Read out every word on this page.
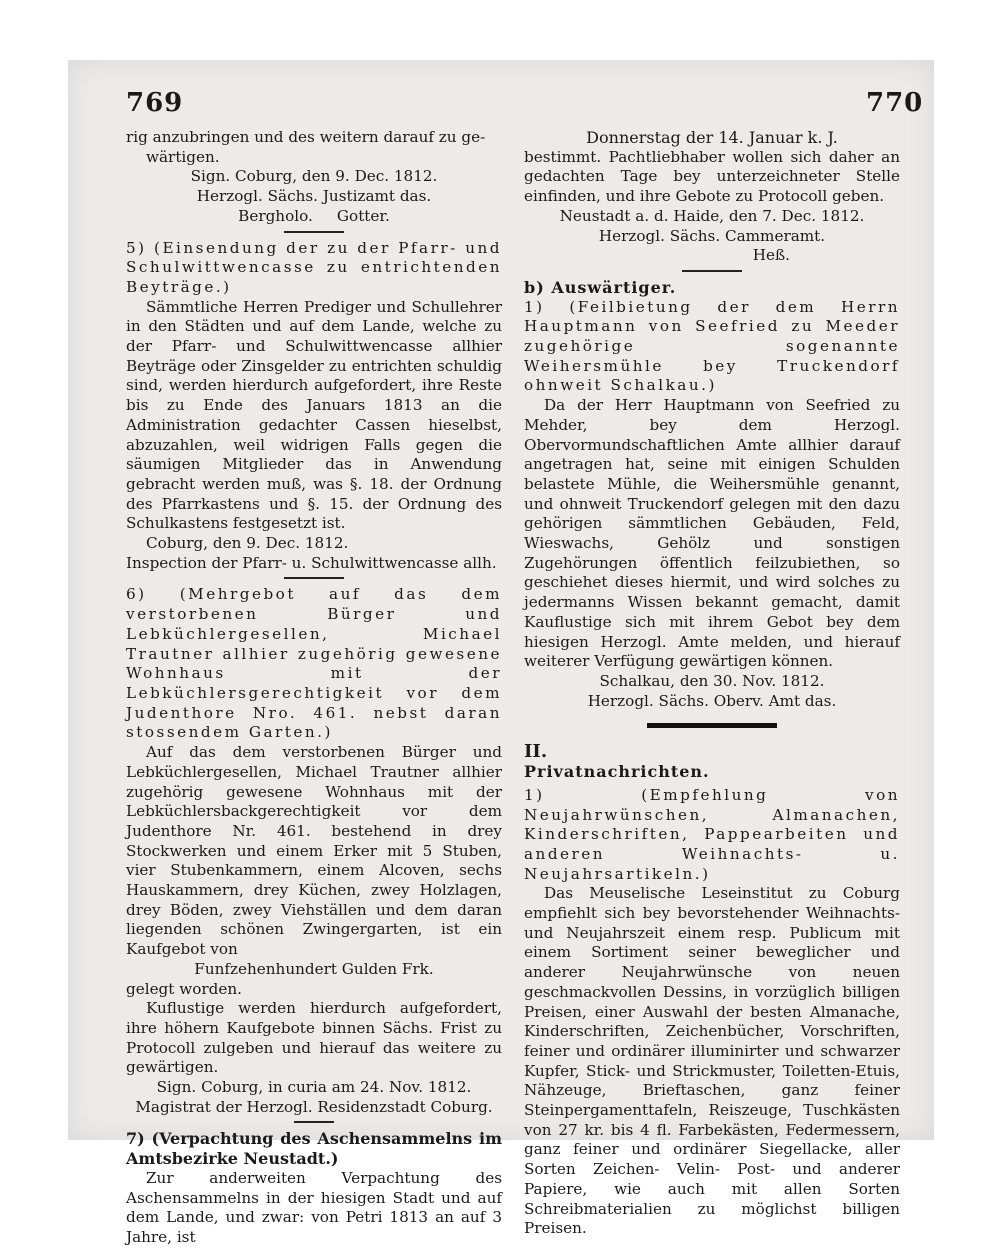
769	770

rig anzubringen und des weitern darauf zu ge-
wärtigen.

Sign. Coburg, den 9. Dec. 1812.

Herzogl. Sächs. Justizamt das.

Bergholo.     Gotter.

5) (Einsendung der zu der Pfarr- und Schulwittwencasse zu entrichtenden Beyträge.)

Sämmtliche Herren Prediger und Schullehrer in den Städten und auf dem Lande, welche zu der Pfarr- und Schulwittwencasse allhier Beyträge oder Zinsgelder zu entrichten schuldig sind, werden hierdurch aufgefordert, ihre Reste bis zu Ende des Januars 1813 an die Administration gedachter Cassen hieselbst, abzuzahlen, weil widrigen Falls gegen die säumigen Mitglieder das in Anwendung gebracht werden muß, was §. 18. der Ordnung des Pfarrkastens und §. 15. der Ordnung des Schulkastens festgesetzt ist.

Coburg, den 9. Dec. 1812.

Inspection der Pfarr- u. Schulwittwencasse allh.

6) (Mehrgebot auf das dem verstorbenen Bürger und Lebküchlergesellen, Michael Trautner allhier zugehörig gewesene Wohnhaus mit der Lebküchlersgerechtigkeit vor dem Judenthore Nro. 461. nebst daran stossendem Garten.)

Auf das dem verstorbenen Bürger und Lebküchlergesellen, Michael Trautner allhier zugehörig gewesene Wohnhaus mit der Lebküchlersbackgerechtigkeit vor dem Judenthore Nr. 461. bestehend in drey Stockwerken und einem Erker mit 5 Stuben, vier Stubenkammern, einem Alcoven, sechs Hauskammern, drey Küchen, zwey Holzlagen, drey Böden, zwey Viehställen und dem daran liegenden schönen Zwingergarten, ist ein Kaufgebot von

Funfzehenhundert Gulden Frk.

gelegt worden.

Kuflustige werden hierdurch aufgefordert, ihre höhern Kaufgebote binnen Sächs. Frist zu Protocoll zulgeben und hierauf das weitere zu gewärtigen.

Sign. Coburg, in curia am 24. Nov. 1812.

Magistrat der Herzogl. Residenzstadt Coburg.

7) (Verpachtung des Aschensammelns im Amtsbezirke Neustadt.)

Zur anderweiten Verpachtung des Aschensammelns in der hiesigen Stadt und auf dem Lande, und zwar: von Petri 1813 an auf 3 Jahre, ist

Donnerstag der 14. Januar k. J.

bestimmt. Pachtliebhaber wollen sich daher an gedachten Tage bey unterzeichneter Stelle einfinden, und ihre Gebote zu Protocoll geben.

Neustadt a. d. Haide, den 7. Dec. 1812.

Herzogl. Sächs. Cammeramt.

Heß.

b) Auswärtiger.

1) (Feilbietung der dem Herrn Hauptmann von Seefried zu Meeder zugehörige sogenannte Weihersmühle bey Truckendorf ohnweit Schalkau.)

Da der Herr Hauptmann von Seefried zu Mehder, bey dem Herzogl. Obervormundschaftlichen Amte allhier darauf angetragen hat, seine mit einigen Schulden belastete Mühle, die Weihersmühle genannt, und ohnweit Truckendorf gelegen mit den dazu gehörigen sämmtlichen Gebäuden, Feld, Wieswachs, Gehölz und sonstigen Zugehörungen öffentlich feilzubiethen, so geschiehet dieses hiermit, und wird solches zu jedermanns Wissen bekannt gemacht, damit Kauflustige sich mit ihrem Gebot bey dem hiesigen Herzogl. Amte melden, und hierauf weiterer Verfügung gewärtigen können.

Schalkau, den 30. Nov. 1812.

Herzogl. Sächs. Oberv. Amt das.

II.

Privatnachrichten.

1) (Empfehlung von Neujahrwünschen, Almanachen, Kinderschriften, Pappearbeiten und anderen Weihnachts- u. Neujahrsartikeln.)

Das Meuselische Leseinstitut zu Coburg empfiehlt sich bey bevorstehender Weihnachts- und Neujahrszeit einem resp. Publicum mit einem Sortiment seiner beweglicher und anderer Neujahrwünsche von neuen geschmackvollen Dessins, in vorzüglich billigen Preisen, einer Auswahl der besten Almanache, Kinderschriften, Zeichenbücher, Vorschriften, feiner und ordinärer illuminirter und schwarzer Kupfer, Stick- und Strickmuster, Toiletten-Etuis, Nähzeuge, Brieftaschen, ganz feiner Steinpergamenttafeln, Reiszeuge, Tuschkästen von 27 kr. bis 4 fl. Farbekästen, Federmessern, ganz feiner und ordinärer Siegellacke, aller Sorten Zeichen- Velin- Post- und anderer Papiere, wie auch mit allen Sorten Schreibmaterialien zu möglichst billigen Preisen.
